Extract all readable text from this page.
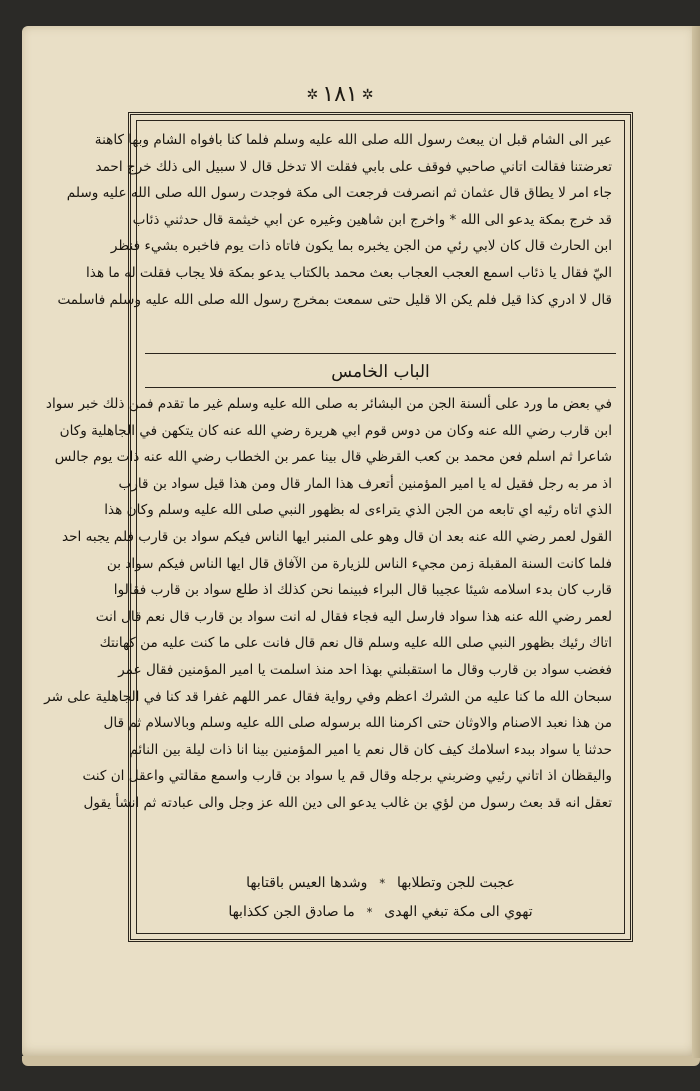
✲١٨١✲

عير الى الشام قبل ان يبعث رسول الله صلى الله عليه وسلم فلما كنا بافواه الشام وبها كاهنة

تعرضتنا فقالت اتاني صاحبي فوقف على بابي فقلت الا تدخل قال لا سبيل الى ذلك خرج احمد

جاء امر لا يطاق قال عثمان ثم انصرفت فرجعت الى مكة فوجدت رسول الله صلى الله عليه وسلم

قد خرج بمكة يدعو الى الله * واخرج ابن شاهين وغيره عن ابي خيثمة قال حدثني ذئاب

ابن الحارث قال كان لابي رئي من الجن يخبره بما يكون فاتاه ذات يوم فاخبره بشيء فنظر

اليّ فقال يا ذئاب اسمع العجب العجاب بعث محمد بالكتاب يدعو بمكة فلا يجاب فقلت له ما هذا

قال لا ادري كذا قيل فلم يكن الا قليل حتى سمعت بمخرج رسول الله صلى الله عليه وسلم فاسلمت

الباب الخامس

في بعض ما ورد على ألسنة الجن من البشائر به صلى الله عليه وسلم غير ما تقدم فمن ذلك خبر سواد

ابن قارب رضي الله عنه وكان من دوس قوم ابي هريرة رضي الله عنه كان يتكهن في الجاهلية وكان

شاعرا ثم اسلم فعن محمد بن كعب القرظي قال بينا عمر بن الخطاب رضي الله عنه ذات يوم جالس

اذ مر به رجل فقيل له يا امير المؤمنين أتعرف هذا المار قال ومن هذا قيل سواد بن قارب

الذي اتاه رئيه اي تابعه من الجن الذي يتراءى له بظهور النبي صلى الله عليه وسلم وكان هذا

القول لعمر رضي الله عنه بعد ان قال وهو على المنبر ايها الناس فيكم سواد بن قارب فلم يجبه احد

فلما كانت السنة المقبلة زمن مجيء الناس للزيارة من الآفاق قال ايها الناس فيكم سواد بن

قارب كان بدء اسلامه شيئا عجيبا قال البراء فبينما نحن كذلك اذ طلع سواد بن قارب فقالوا

لعمر رضي الله عنه هذا سواد فارسل اليه فجاء فقال له انت سواد بن قارب قال نعم قال انت

اتاك رئيك بظهور النبي صلى الله عليه وسلم قال نعم قال فانت على ما كنت عليه من كهانتك

فغضب سواد بن قارب وقال ما استقبلني بهذا احد منذ اسلمت يا امير المؤمنين فقال عمر

سبحان الله ما كنا عليه من الشرك اعظم وفي رواية فقال عمر اللهم غفرا قد كنا في الجاهلية على شر

من هذا نعبد الاصنام والاوثان حتى اكرمنا الله برسوله صلى الله عليه وسلم وبالاسلام ثم قال

حدثنا يا سواد ببدء اسلامك كيف كان قال نعم يا امير المؤمنين بينا انا ذات ليلة بين النائم

واليقظان اذ اتاني رئيي وضربني برجله وقال قم يا سواد بن قارب واسمع مقالتي واعقل ان كنت

تعقل انه قد بعث رسول من لؤي بن غالب يدعو الى دين الله عز وجل والى عبادته ثم انشأ يقول

عجبت للجن وتطلابها
*
وشدها العيس باقتابها
تهوي الى مكة تبغي الهدى
*
ما صادق الجن ككذابها
